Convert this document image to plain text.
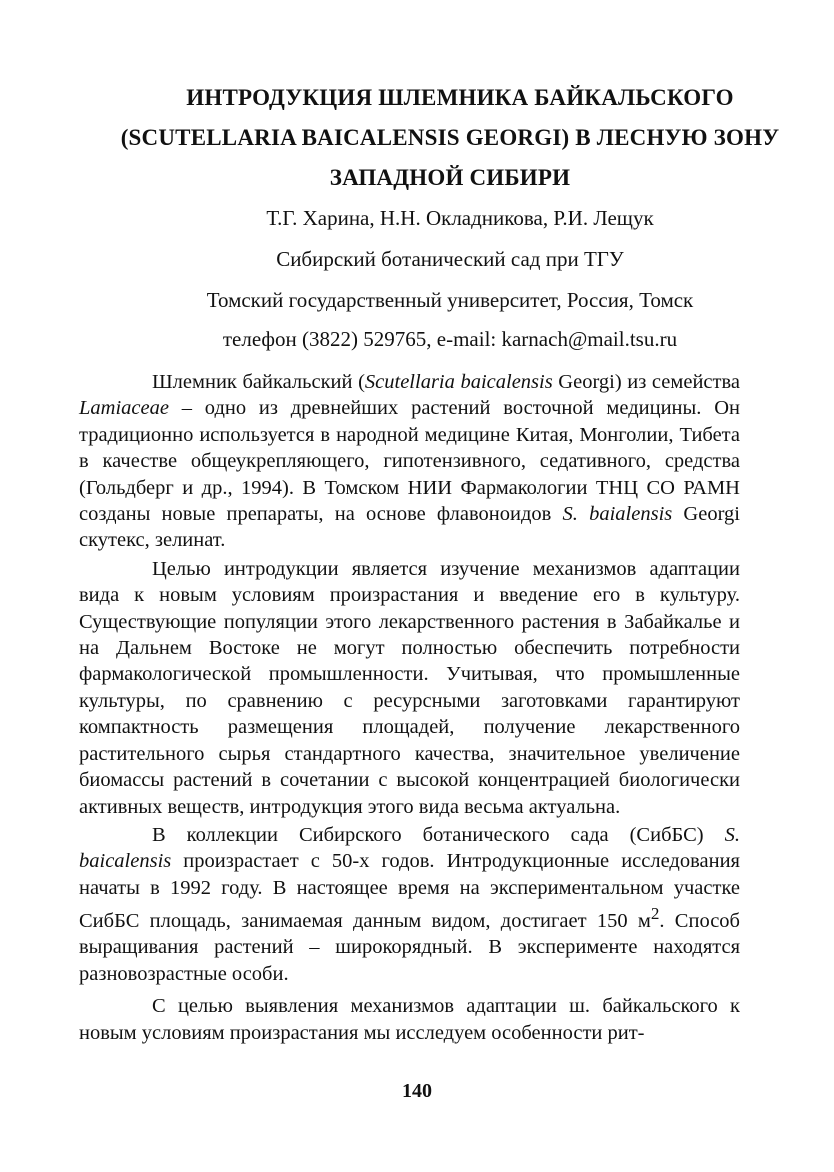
ИНТРОДУКЦИЯ ШЛЕМНИКА БАЙКАЛЬСКОГО
(SCUTELLARIA BAICALENSIS GEORGI) В ЛЕСНУЮ ЗОНУ
ЗАПАДНОЙ СИБИРИ
Т.Г. Харина, Н.Н. Окладникова, Р.И. Лещук
Сибирский ботанический сад при ТГУ
Томский государственный университет, Россия, Томск
телефон (3822) 529765, e-mail: karnach@mail.tsu.ru

Шлемник байкальский (Scutellaria baicalensis Georgi) из семейства Lamiaceae – одно из древнейших растений восточной медицины. Он традиционно используется в народной медицине Китая, Монголии, Тибета в качестве общеукрепляющего, гипотензивного, седативного, средства (Гольдберг и др., 1994). В Томском НИИ Фармакологии ТНЦ СО РАМН созданы новые препараты, на основе флавоноидов S. baialensis Georgi скутекс, зелинат.

Целью интродукции является изучение механизмов адаптации вида к новым условиям произрастания и введение его в культуру. Существующие популяции этого лекарственного растения в Забайкалье и на Дальнем Востоке не могут полностью обеспечить потребности фармакологической промышленности. Учитывая, что промышленные культуры, по сравнению с ресурсными заготовками гарантируют компактность размещения площадей, получение лекарственного растительного сырья стандартного качества, значительное увеличение биомассы растений в сочетании с высокой концентрацией биологически активных веществ, интродукция этого вида весьма актуальна.

В коллекции Сибирского ботанического сада (СибБС) S. baicalensis произрастает с 50-х годов. Интродукционные исследования начаты в 1992 году. В настоящее время на экспериментальном участке СибБС площадь, занимаемая данным видом, достигает 150 $м^2$. Способ выращивания растений – широкорядный. В эксперименте находятся разновозрастные особи.

С целью выявления механизмов адаптации ш. байкальского к новым условиям произрастания мы исследуем особенности рит-

140
